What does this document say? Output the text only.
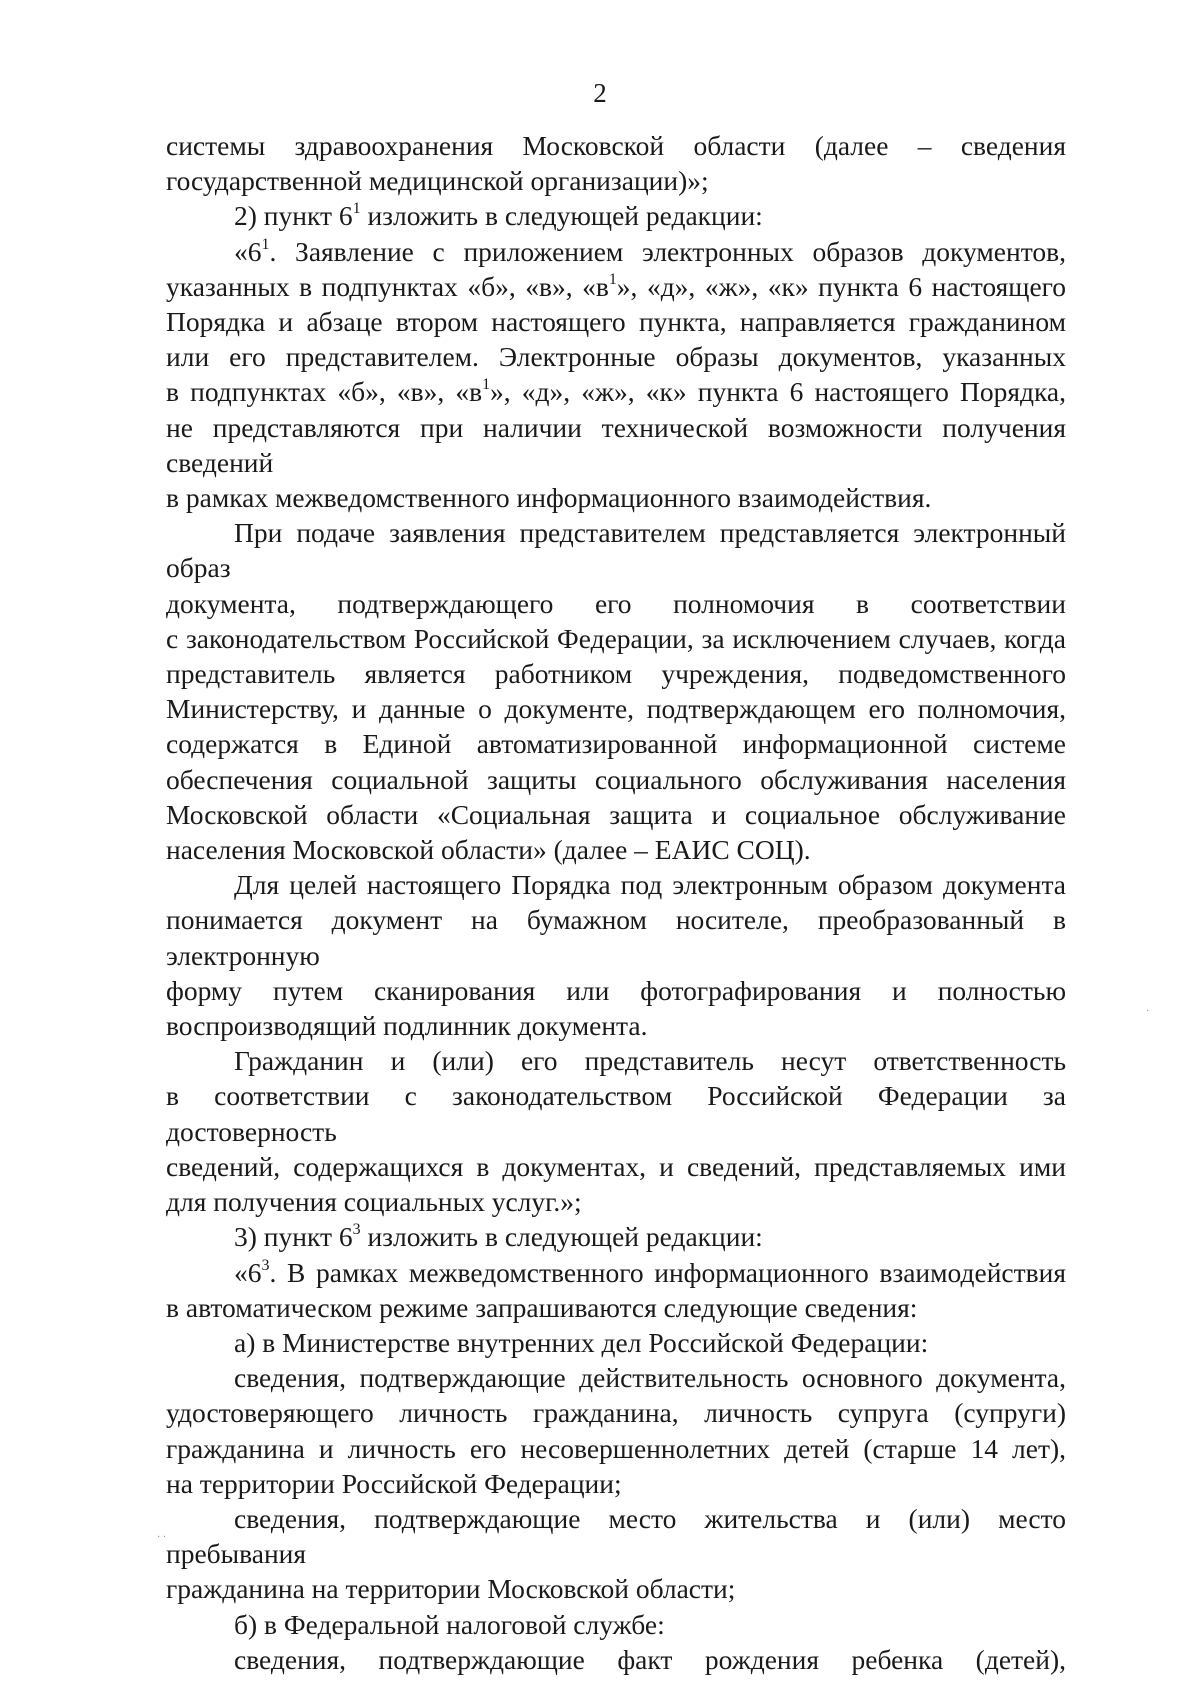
2

системы здравоохранения Московской области (далее – сведения

государственной медицинской организации)»;

2) пункт $6^1$ изложить в следующей редакции:

«$6^1$. Заявление с приложением электронных образов документов,

указанных в подпунктах «б», «в», «$в^1$», «д», «ж», «к» пункта 6 настоящего

Порядка и абзаце втором настоящего пункта, направляется гражданином

или его представителем. Электронные образы документов, указанных

в подпунктах «б», «в», «$в^1$», «д», «ж», «к» пункта 6 настоящего Порядка,

не представляются при наличии технической возможности получения сведений

в рамках межведомственного информационного взаимодействия.

При подаче заявления представителем представляется электронный образ

документа, подтверждающего его полномочия в соответствии

с законодательством Российской Федерации, за исключением случаев, когда

представитель является работником учреждения, подведомственного

Министерству, и данные о документе, подтверждающем его полномочия,

содержатся в Единой автоматизированной информационной системе

обеспечения социальной защиты социального обслуживания населения

Московской области «Социальная защита и социальное обслуживание

населения Московской области» (далее – ЕАИС СОЦ).

Для целей настоящего Порядка под электронным образом документа

понимается документ на бумажном носителе, преобразованный в электронную

форму путем сканирования или фотографирования и полностью

воспроизводящий подлинник документа.

Гражданин и (или) его представитель несут ответственность

в соответствии с законодательством Российской Федерации за достоверность

сведений, содержащихся в документах, и сведений, представляемых ими

для получения социальных услуг.»;

3) пункт $6^3$ изложить в следующей редакции:

«$6^3$. В рамках межведомственного информационного взаимодействия

в автоматическом режиме запрашиваются следующие сведения:

а) в Министерстве внутренних дел Российской Федерации:

сведения, подтверждающие действительность основного документа,

удостоверяющего личность гражданина, личность супруга (супруги)

гражданина и личность его несовершеннолетних детей (старше 14 лет),

на территории Российской Федерации;

сведения, подтверждающие место жительства и (или) место пребывания

гражданина на территории Московской области;

б) в Федеральной налоговой службе:

сведения, подтверждающие факт рождения ребенка (детей),

·
· ·
